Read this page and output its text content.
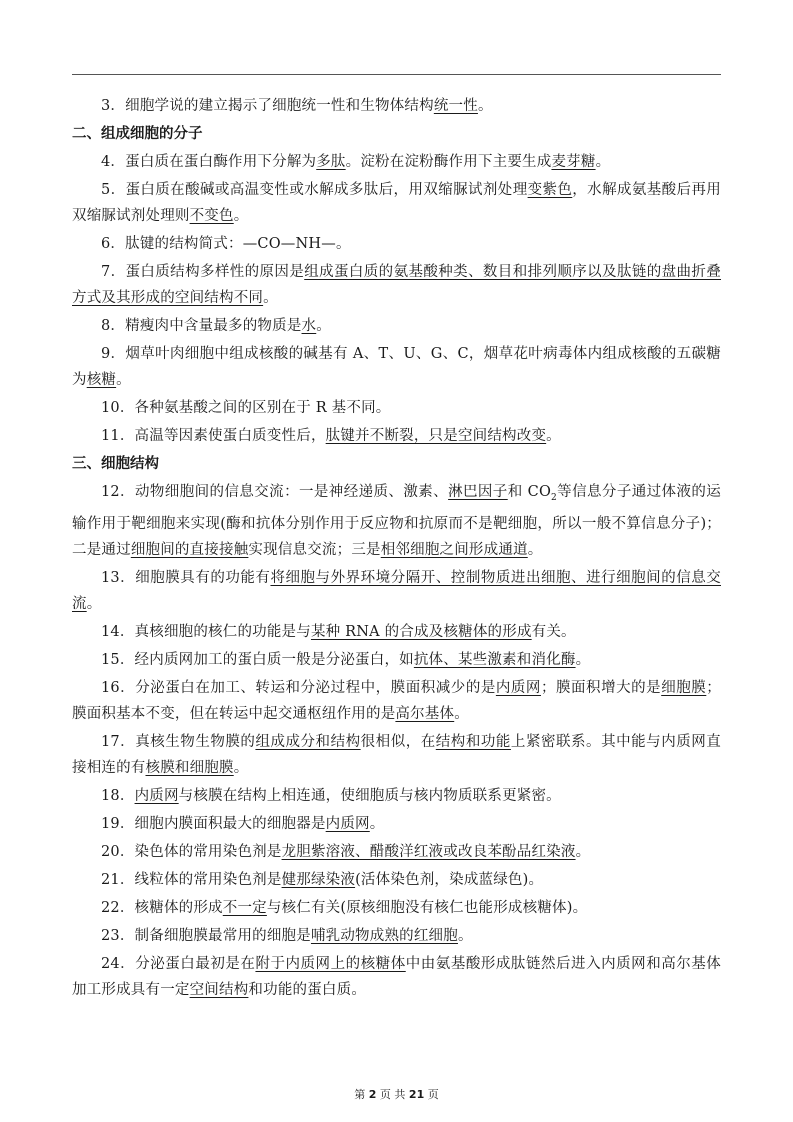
3．细胞学说的建立揭示了细胞统一性和生物体结构统一性。

二、组成细胞的分子

4．蛋白质在蛋白酶作用下分解为多肽。淀粉在淀粉酶作用下主要生成麦芽糖。

5．蛋白质在酸碱或高温变性或水解成多肽后，用双缩脲试剂处理变紫色，水解成氨基酸后再用双缩脲试剂处理则不变色。

6．肽键的结构简式：—CO—NH—。

7．蛋白质结构多样性的原因是组成蛋白质的氨基酸种类、数目和排列顺序以及肽链的盘曲折叠方式及其形成的空间结构不同。

8．精瘦肉中含量最多的物质是水。

9．烟草叶肉细胞中组成核酸的碱基有 A、T、U、G、C，烟草花叶病毒体内组成核酸的五碳糖为核糖。

10．各种氨基酸之间的区别在于 R 基不同。

11．高温等因素使蛋白质变性后，肽键并不断裂，只是空间结构改变。

三、细胞结构

12．动物细胞间的信息交流：一是神经递质、激素、淋巴因子和 $CO_2$等信息分子通过体液的运输作用于靶细胞来实现(酶和抗体分别作用于反应物和抗原而不是靶细胞，所以一般不算信息分子)；二是通过细胞间的直接接触实现信息交流；三是相邻细胞之间形成通道。

13．细胞膜具有的功能有将细胞与外界环境分隔开、控制物质进出细胞、进行细胞间的信息交流。

14．真核细胞的核仁的功能是与某种 RNA 的合成及核糖体的形成有关。

15．经内质网加工的蛋白质一般是分泌蛋白，如抗体、某些激素和消化酶。

16．分泌蛋白在加工、转运和分泌过程中，膜面积减少的是内质网；膜面积增大的是细胞膜；膜面积基本不变，但在转运中起交通枢纽作用的是高尔基体。

17．真核生物生物膜的组成成分和结构很相似，在结构和功能上紧密联系。其中能与内质网直接相连的有核膜和细胞膜。

18．内质网与核膜在结构上相连通，使细胞质与核内物质联系更紧密。

19．细胞内膜面积最大的细胞器是内质网。

20．染色体的常用染色剂是龙胆紫溶液、醋酸洋红液或改良苯酚品红染液。

21．线粒体的常用染色剂是健那绿染液(活体染色剂，染成蓝绿色)。

22．核糖体的形成不一定与核仁有关(原核细胞没有核仁也能形成核糖体)。

23．制备细胞膜最常用的细胞是哺乳动物成熟的红细胞。

24．分泌蛋白最初是在附于内质网上的核糖体中由氨基酸形成肽链然后进入内质网和高尔基体加工形成具有一定空间结构和功能的蛋白质。

第 2 页 共 21 页
